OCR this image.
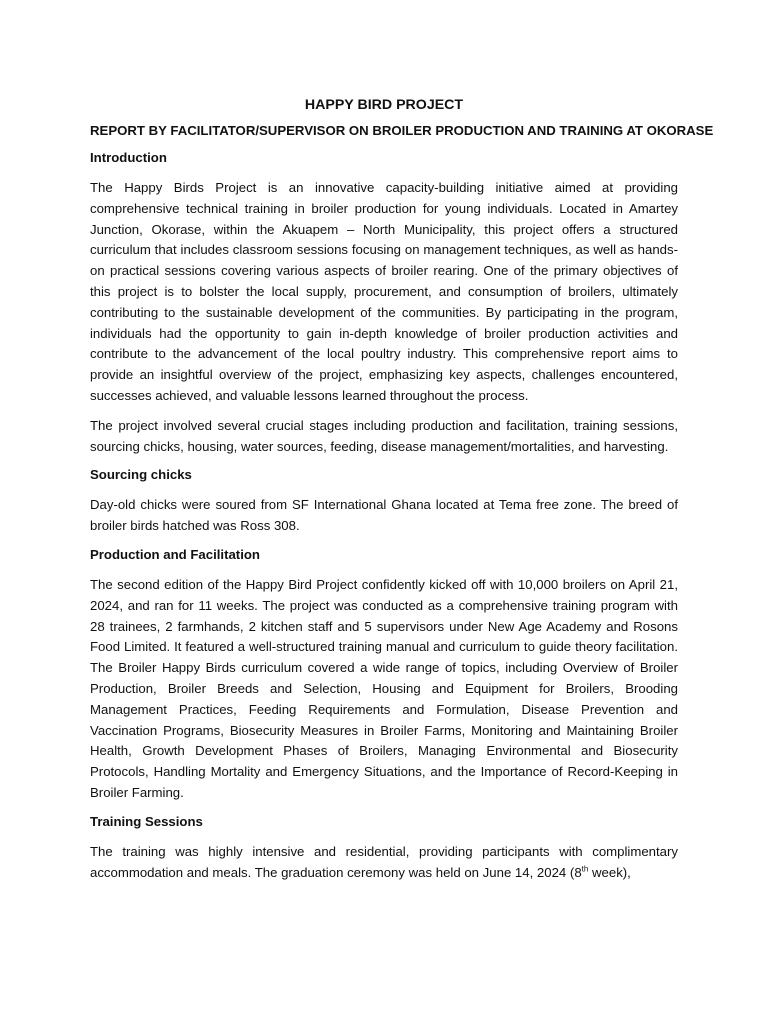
HAPPY BIRD PROJECT
REPORT BY FACILITATOR/SUPERVISOR ON BROILER PRODUCTION AND TRAINING AT OKORASE
Introduction

The Happy Birds Project is an innovative capacity-building initiative aimed at providing comprehensive technical training in broiler production for young individuals. Located in Amartey Junction, Okorase, within the Akuapem – North Municipality, this project offers a structured curriculum that includes classroom sessions focusing on management techniques, as well as hands-on practical sessions covering various aspects of broiler rearing. One of the primary objectives of this project is to bolster the local supply, procurement, and consumption of broilers, ultimately contributing to the sustainable development of the communities. By participating in the program, individuals had the opportunity to gain in-depth knowledge of broiler production activities and contribute to the advancement of the local poultry industry. This comprehensive report aims to provide an insightful overview of the project, emphasizing key aspects, challenges encountered, successes achieved, and valuable lessons learned throughout the process.

The project involved several crucial stages including production and facilitation, training sessions, sourcing chicks, housing, water sources, feeding, disease management/mortalities, and harvesting.

Sourcing chicks

Day-old chicks were soured from SF International Ghana located at Tema free zone. The breed of broiler birds hatched was Ross 308.

Production and Facilitation

The second edition of the Happy Bird Project confidently kicked off with 10,000 broilers on April 21, 2024, and ran for 11 weeks. The project was conducted as a comprehensive training program with 28 trainees, 2 farmhands, 2 kitchen staff and 5 supervisors under New Age Academy and Rosons Food Limited. It featured a well-structured training manual and curriculum to guide theory facilitation. The Broiler Happy Birds curriculum covered a wide range of topics, including Overview of Broiler Production, Broiler Breeds and Selection, Housing and Equipment for Broilers, Brooding Management Practices, Feeding Requirements and Formulation, Disease Prevention and Vaccination Programs, Biosecurity Measures in Broiler Farms, Monitoring and Maintaining Broiler Health, Growth Development Phases of Broilers, Managing Environmental and Biosecurity Protocols, Handling Mortality and Emergency Situations, and the Importance of Record-Keeping in Broiler Farming.

Training Sessions

The training was highly intensive and residential, providing participants with complimentary accommodation and meals. The graduation ceremony was held on June 14, 2024 (8th week),
